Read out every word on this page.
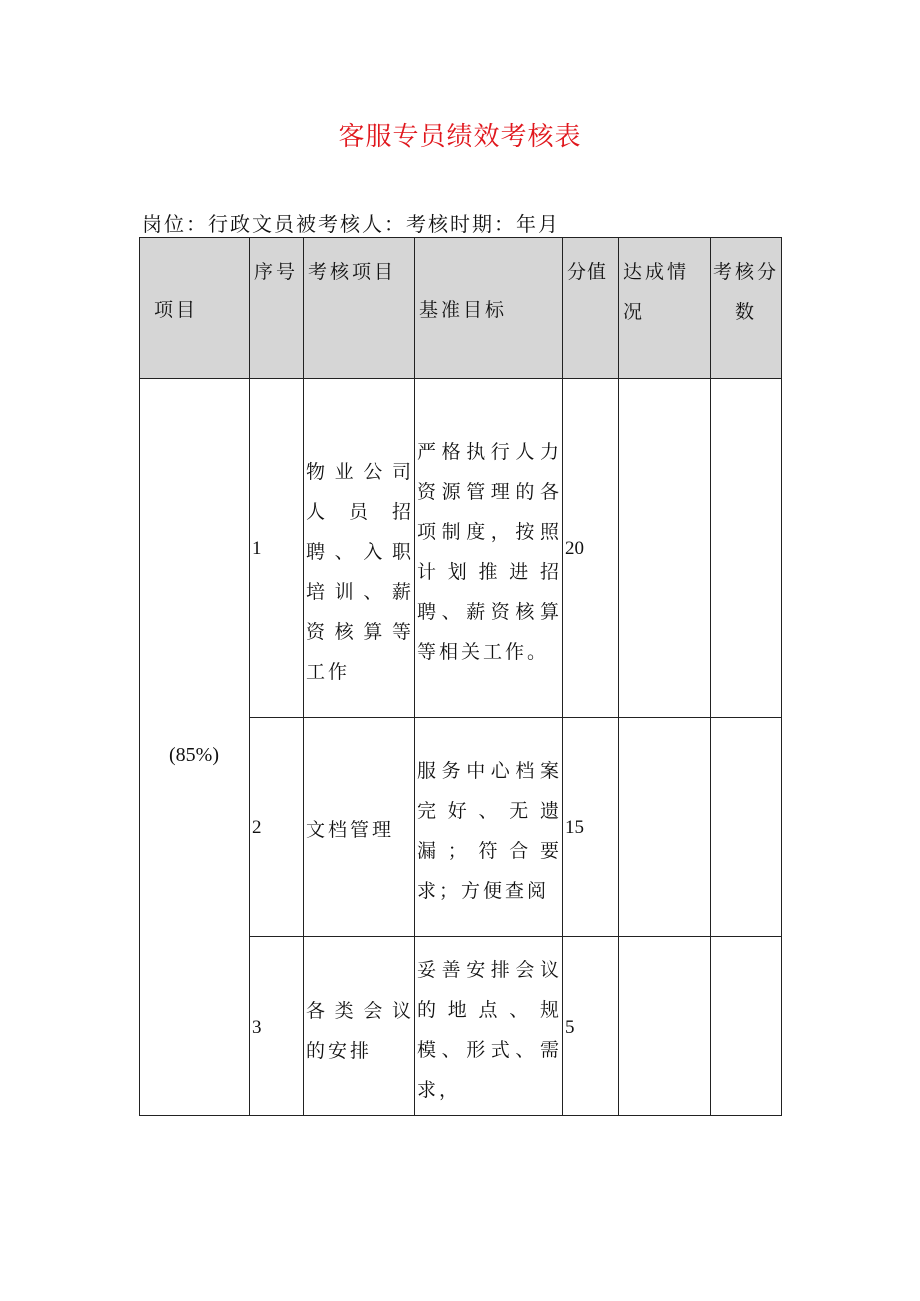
客服专员绩效考核表
岗位：行政文员被考核人：考核时期：年月
项目	序号	考核项目	基准目标	分值	达成情况	考核分数

(85%)	1	物业公司人员招聘、入职培训、薪资核算等工作	严格执行人力资源管理的各项制度，按照计划推进招聘、薪资核算等相关工作。	20		

	2	文档管理	服务中心档案完好、无遗漏；符合要求；方便查阅	15		

	3	各类会议的安排	妥善安排会议的地点、规模、形式、需求，	5		
